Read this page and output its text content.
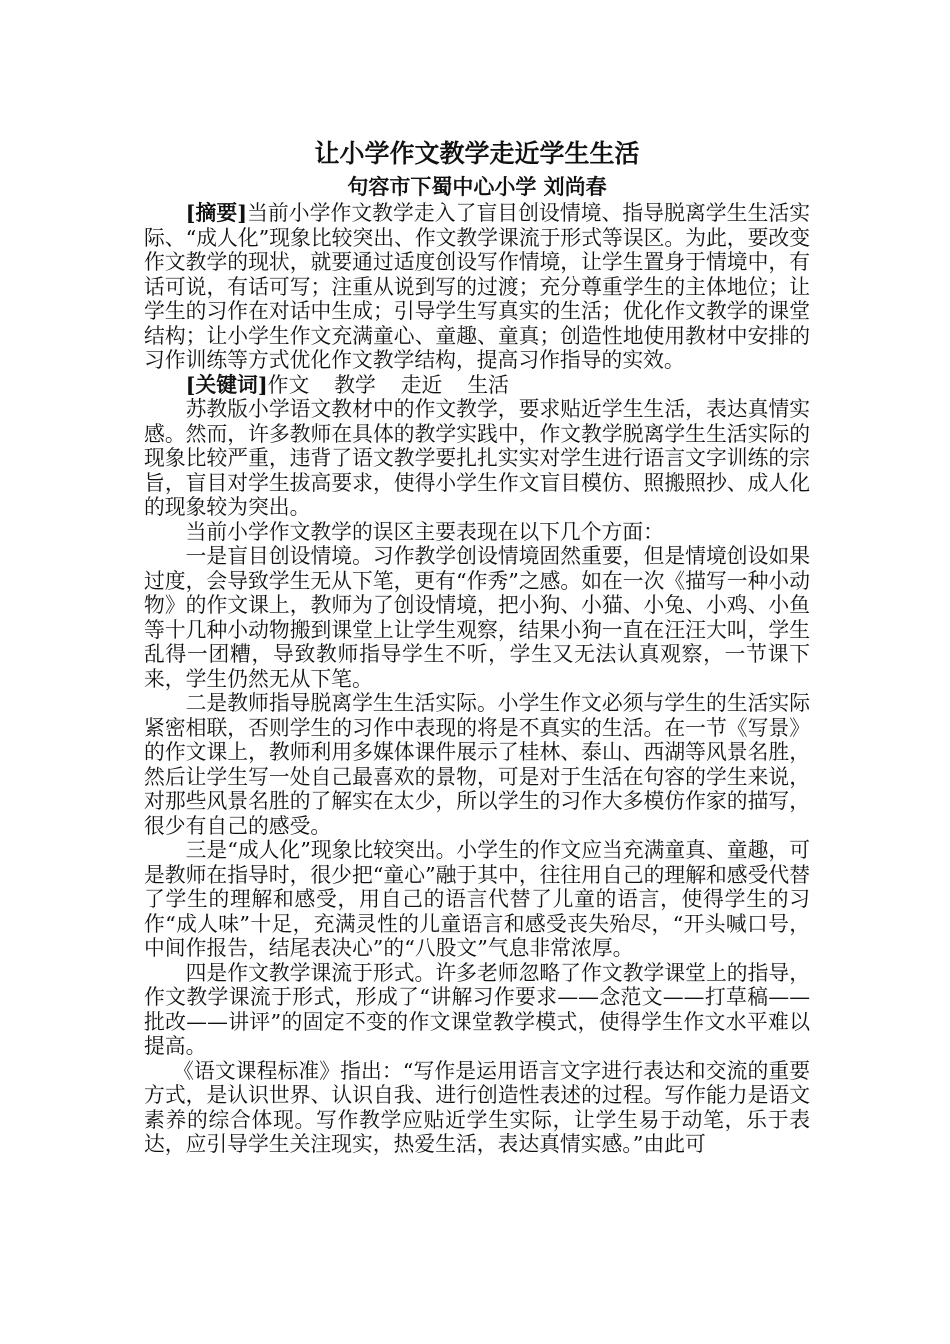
让小学作文教学走近学生生活
句容市下蜀中心小学 刘尚春

[摘要]当前小学作文教学走入了盲目创设情境、指导脱离学生生活实际、“成人化”现象比较突出、作文教学课流于形式等误区。为此，要改变作文教学的现状，就要通过适度创设写作情境，让学生置身于情境中，有话可说，有话可写；注重从说到写的过渡；充分尊重学生的主体地位；让学生的习作在对话中生成；引导学生写真实的生活；优化作文教学的课堂结构；让小学生作文充满童心、童趣、童真；创造性地使用教材中安排的习作训练等方式优化作文教学结构，提高习作指导的实效。

[关键词]作文 教学 走近 生活

苏教版小学语文教材中的作文教学，要求贴近学生生活，表达真情实感。然而，许多教师在具体的教学实践中，作文教学脱离学生生活实际的现象比较严重，违背了语文教学要扎扎实实对学生进行语言文字训练的宗旨，盲目对学生拔高要求，使得小学生作文盲目模仿、照搬照抄、成人化的现象较为突出。

当前小学作文教学的误区主要表现在以下几个方面：

一是盲目创设情境。习作教学创设情境固然重要，但是情境创设如果过度，会导致学生无从下笔，更有“作秀”之感。如在一次《描写一种小动物》的作文课上，教师为了创设情境，把小狗、小猫、小兔、小鸡、小鱼等十几种小动物搬到课堂上让学生观察，结果小狗一直在汪汪大叫，学生乱得一团糟，导致教师指导学生不听，学生又无法认真观察，一节课下来，学生仍然无从下笔。

二是教师指导脱离学生生活实际。小学生作文必须与学生的生活实际紧密相联，否则学生的习作中表现的将是不真实的生活。在一节《写景》的作文课上，教师利用多媒体课件展示了桂林、泰山、西湖等风景名胜，然后让学生写一处自己最喜欢的景物，可是对于生活在句容的学生来说，对那些风景名胜的了解实在太少，所以学生的习作大多模仿作家的描写，很少有自己的感受。

三是“成人化”现象比较突出。小学生的作文应当充满童真、童趣，可是教师在指导时，很少把“童心”融于其中，往往用自己的理解和感受代替了学生的理解和感受，用自己的语言代替了儿童的语言，使得学生的习作“成人味”十足，充满灵性的儿童语言和感受丧失殆尽，“开头喊口号，中间作报告，结尾表决心”的“八股文”气息非常浓厚。

四是作文教学课流于形式。许多老师忽略了作文教学课堂上的指导，作文教学课流于形式，形成了“讲解习作要求——念范文——打草稿——批改——讲评”的固定不变的作文课堂教学模式，使得学生作文水平难以提高。

《语文课程标准》指出：“写作是运用语言文字进行表达和交流的重要方式，是认识世界、认识自我、进行创造性表述的过程。写作能力是语文素养的综合体现。写作教学应贴近学生实际，让学生易于动笔，乐于表达，应引导学生关注现实，热爱生活，表达真情实感。”由此可
